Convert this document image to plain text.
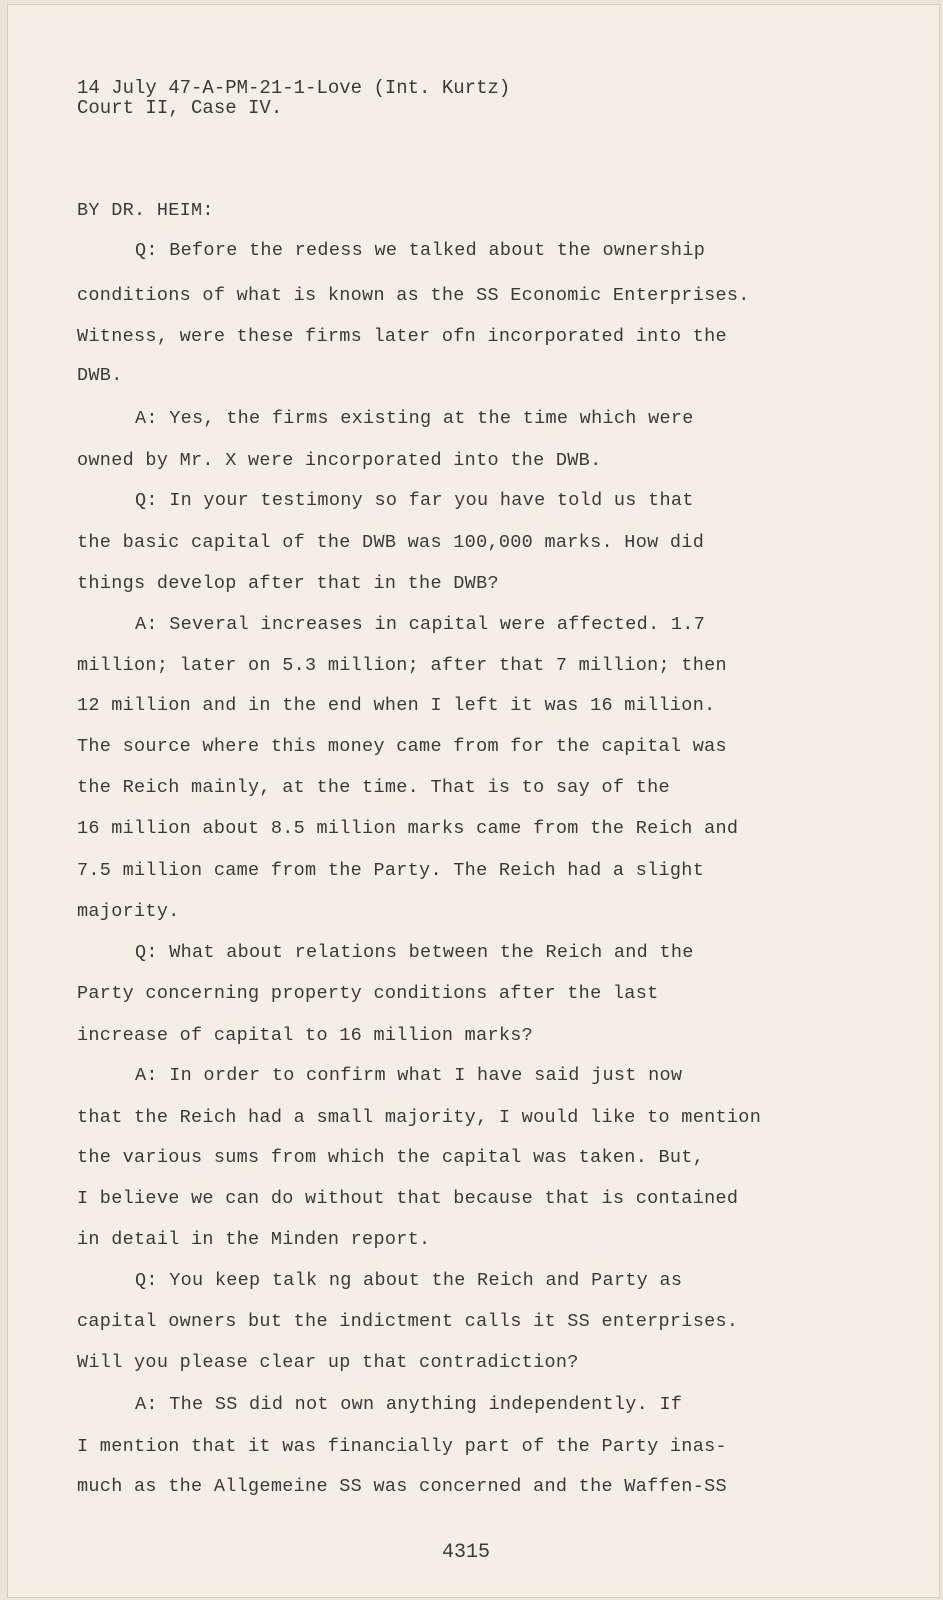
14 July 47-A-PM-21-1-Love (Int. Kurtz)

Court II, Case IV.

BY DR. HEIM:

Q: Before the redess we talked about the ownership

conditions of what is known as the SS Economic Enterprises.

Witness, were these firms later ofn incorporated into the

DWB.

A: Yes, the firms existing at the time which were

owned by Mr. X were incorporated into the DWB.

Q: In your testimony so far you have told us that

the basic capital of the DWB was 100,000 marks. How did

things develop after that in the DWB?

A: Several increases in capital were affected. 1.7

million; later on 5.3 million; after that 7 million; then

12 million and in the end when I left it was 16 million.

The source where this money came from for the capital was

the Reich mainly, at the time. That is to say of the

16 million about 8.5 million marks came from the Reich and

7.5 million came from the Party. The Reich had a slight

majority.

Q: What about relations between the Reich and the

Party concerning property conditions after the last

increase of capital to 16 million marks?

A: In order to confirm what I have said just now

that the Reich had a small majority, I would like to mention

the various sums from which the capital was taken. But,

I believe we can do without that because that is contained

in detail in the Minden report.

Q: You keep talk ng about the Reich and Party as

capital owners but the indictment calls it SS enterprises.

Will you please clear up that contradiction?

A: The SS did not own anything independently. If

I mention that it was financially part of the Party inas-

much as the Allgemeine SS was concerned and the Waffen-SS

4315
